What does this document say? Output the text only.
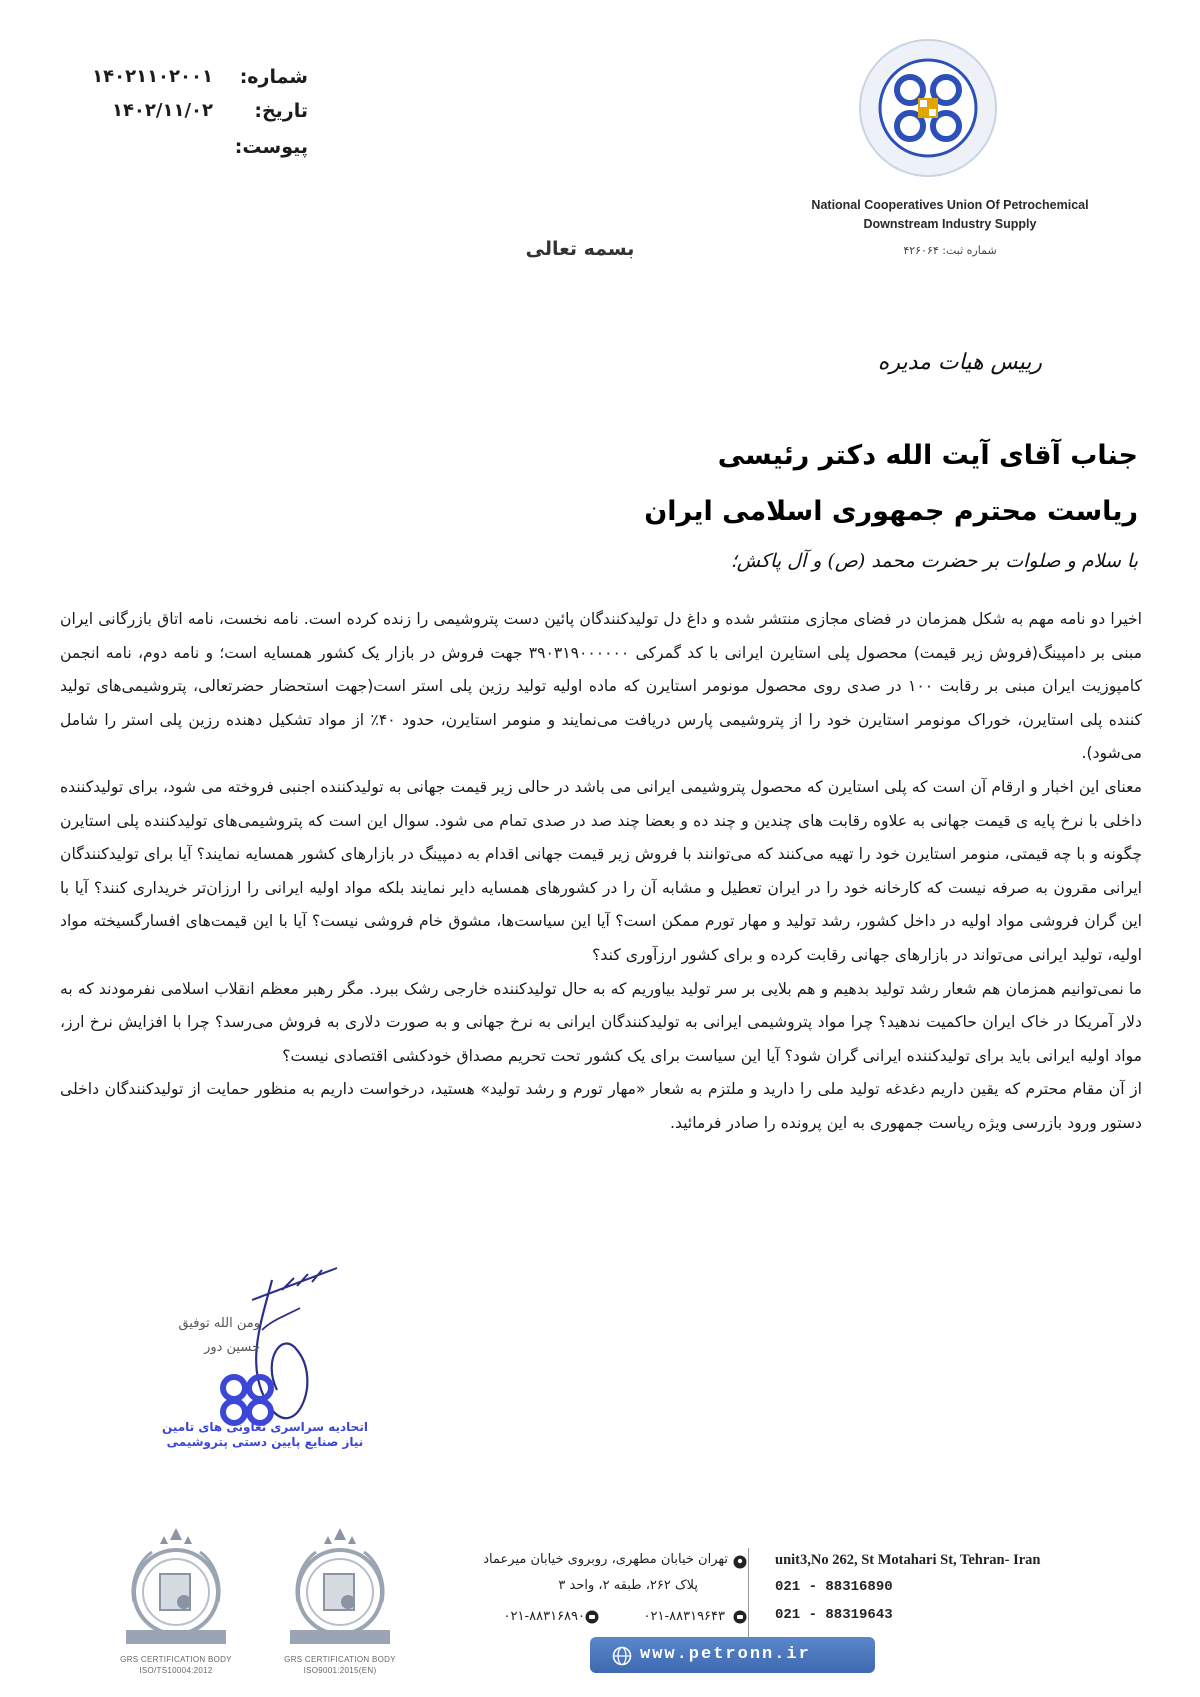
National Cooperatives Union Of Petrochemical
Downstream Industry Supply
شماره ثبت: ۴۲۶۰۶۴
شماره:
۱۴۰۲۱۱۰۲۰۰۱
تاریخ:
۱۴۰۲/۱۱/۰۲
پیوست:
بسمه تعالی
رییس هیات مدیره
جناب آقای آیت الله دکتر رئیسی
ریاست محترم جمهوری اسلامی ایران
با سلام و صلوات بر حضرت محمد (ص) و آل پاکش؛

اخیرا دو نامه مهم به شکل همزمان در فضای مجازی منتشر شده و داغ دل تولیدکنندگان پائین دست پتروشیمی را زنده کرده است. نامه نخست، نامه اتاق بازرگانی ایران مبنی بر دامپینگ(فروش زیر قیمت) محصول پلی استایرن ایرانی با کد گمرکی ۳۹۰۳۱۹۰۰۰۰۰۰ جهت فروش در بازار یک کشور همسایه است؛ و نامه دوم، نامه انجمن کامپوزیت ایران مبنی بر رقابت ۱۰۰ در صدی روی محصول مونومر استایرن که ماده اولیه تولید رزین پلی استر است(جهت استحضار حضرتعالی، پتروشیمی‌های تولید کننده پلی استایرن، خوراک مونومر استایرن خود را از پتروشیمی پارس دریافت می‌نمایند و منومر استایرن، حدود ۴۰٪ از مواد تشکیل دهنده رزین پلی استر را شامل می‌شود).

معنای این اخبار و ارقام آن است که پلی استایرن که محصول پتروشیمی ایرانی می باشد در حالی زیر قیمت جهانی به تولیدکننده اجنبی فروخته می شود، برای تولیدکننده داخلی با نرخ پایه ی قیمت جهانی به علاوه رقابت های چندین و چند ده و بعضا چند صد در صدی تمام می شود. سوال این است که پتروشیمی‌های تولیدکننده پلی استایرن چگونه و با چه قیمتی، منومر استایرن خود را تهیه می‌کنند که می‌توانند با فروش زیر قیمت جهانی اقدام به دمپینگ در بازارهای کشور همسایه نمایند؟ آیا برای تولیدکنندگان ایرانی مقرون به صرفه نیست که کارخانه خود را در ایران تعطیل و مشابه آن را در کشورهای همسایه دایر نمایند بلکه مواد اولیه ایرانی را ارزان‌تر خریداری کنند؟ آیا با این گران فروشی مواد اولیه در داخل کشور، رشد تولید و مهار تورم ممکن است؟ آیا این سیاست‌ها، مشوق خام فروشی نیست؟ آیا با این قیمت‌های افسارگسیخته مواد اولیه، تولید ایرانی می‌تواند در بازارهای جهانی رقابت کرده و برای کشور ارزآوری کند؟

ما نمی‌توانیم همزمان هم شعار رشد تولید بدهیم و هم بلایی بر سر تولید بیاوریم که به حال تولیدکننده خارجی رشک ببرد. مگر رهبر معظم انقلاب اسلامی نفرمودند که به دلار آمریکا در خاک ایران حاکمیت ندهید؟ چرا مواد پتروشیمی ایرانی به تولیدکنندگان ایرانی به نرخ جهانی و به صورت دلاری به فروش می‌رسد؟ چرا با افزایش نرخ ارز، مواد اولیه ایرانی باید برای تولیدکننده ایرانی گران شود؟ آیا این سیاست برای یک کشور تحت تحریم مصداق خودکشی اقتصادی نیست؟

از آن مقام محترم که یقین داریم دغدغه تولید ملی را دارید و ملتزم به شعار «مهار تورم و رشد تولید» هستید، درخواست داریم به منظور حمایت از تولیدکنندگان داخلی دستور ورود بازرسی ویژه ریاست جمهوری به این پرونده را صادر فرمائید.

ومن الله توفیق
حسین دور
اتحادیه سراسری تعاونی های تامین
نیاز صنایع پایین دستی پتروشیمی
GRS CERTIFICATION BODY
ISO9001:2015(EN)
GRS CERTIFICATION BODY
ISO/TS10004:2012
تهران خیابان مطهری، روبروی خیابان میرعماد
پلاک ۲۶۲، طبقه ۲، واحد ۳
۰۲۱-۸۸۳۱۹۶۴۳
۰۲۱-۸۸۳۱۶۸۹۰
unit3,No 262, St Motahari St, Tehran- Iran
021 - 88316890
021 - 88319643
www.petronn.ir
